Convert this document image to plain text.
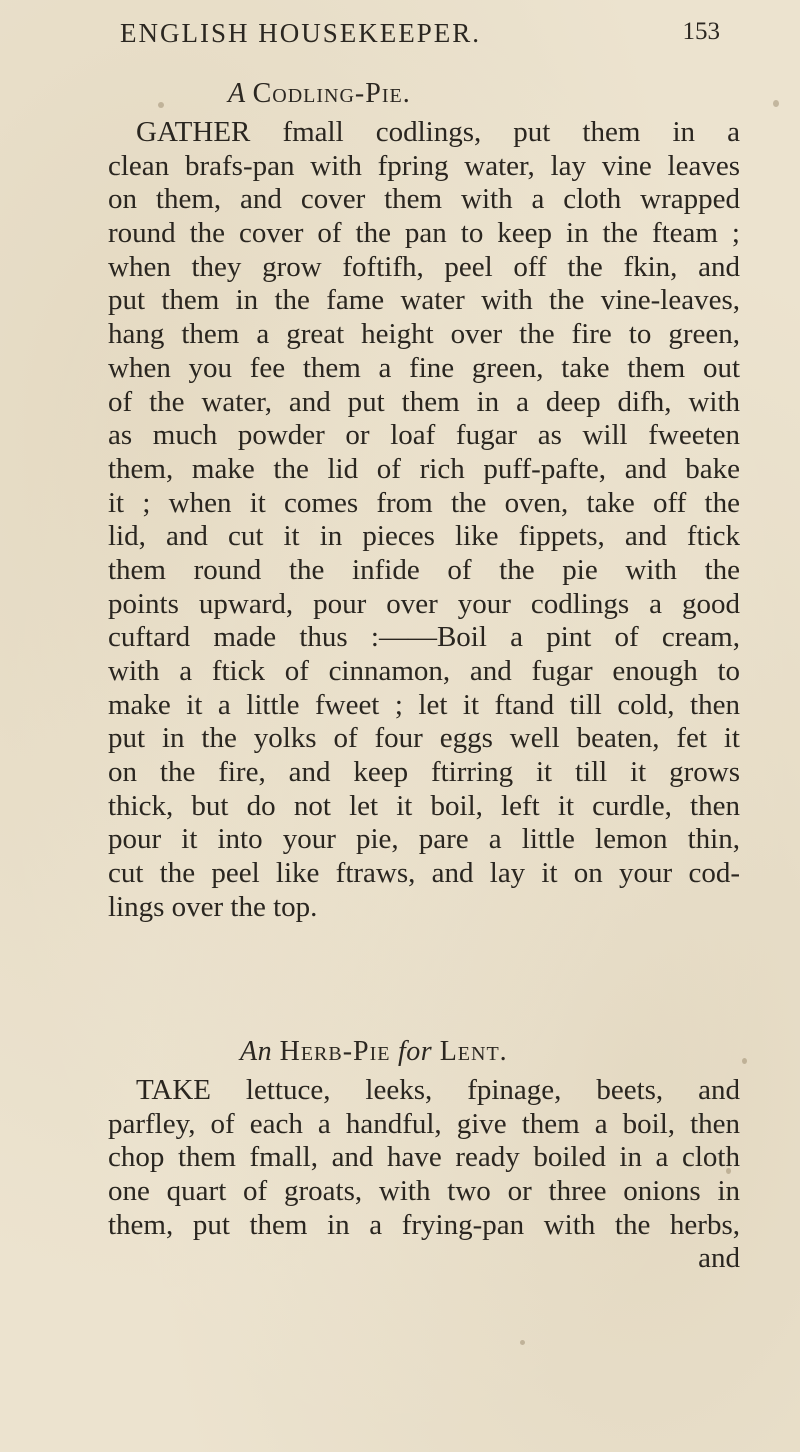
ENGLISH HOUSEKEEPER.	153
A Codling-Pie.
GATHER fmall codlings, put them in a
clean brafs-pan with fpring water, lay vine leaves
on them, and cover them with a cloth wrapped
round the cover of the pan to keep in the fteam ;
when they grow foftifh, peel off the fkin, and
put them in the fame water with the vine-leaves,
hang them a great height over the fire to green,
when you fee them a fine green, take them out
of the water, and put them in a deep difh, with
as much powder or loaf fugar as will fweeten
them, make the lid of rich puff-pafte, and bake
it ; when it comes from the oven, take off the
lid, and cut it in pieces like fippets, and ftick
them round the infide of the pie with the
points upward, pour over your codlings a good
cuftard made thus :——Boil a pint of cream,
with a ftick of cinnamon, and fugar enough to
make it a little fweet ; let it ftand till cold, then
put in the yolks of four eggs well beaten, fet it
on the fire, and keep ftirring it till it grows
thick, but do not let it boil, left it curdle, then
pour it into your pie, pare a little lemon thin,
cut the peel like ftraws, and lay it on your cod-
lings over the top.
An Herb-Pie for Lent.
TAKE lettuce, leeks, fpinage, beets, and
parfley, of each a handful, give them a boil, then
chop them fmall, and have ready boiled in a cloth
one quart of groats, with two or three onions in
them, put them in a frying-pan with the herbs,
and
